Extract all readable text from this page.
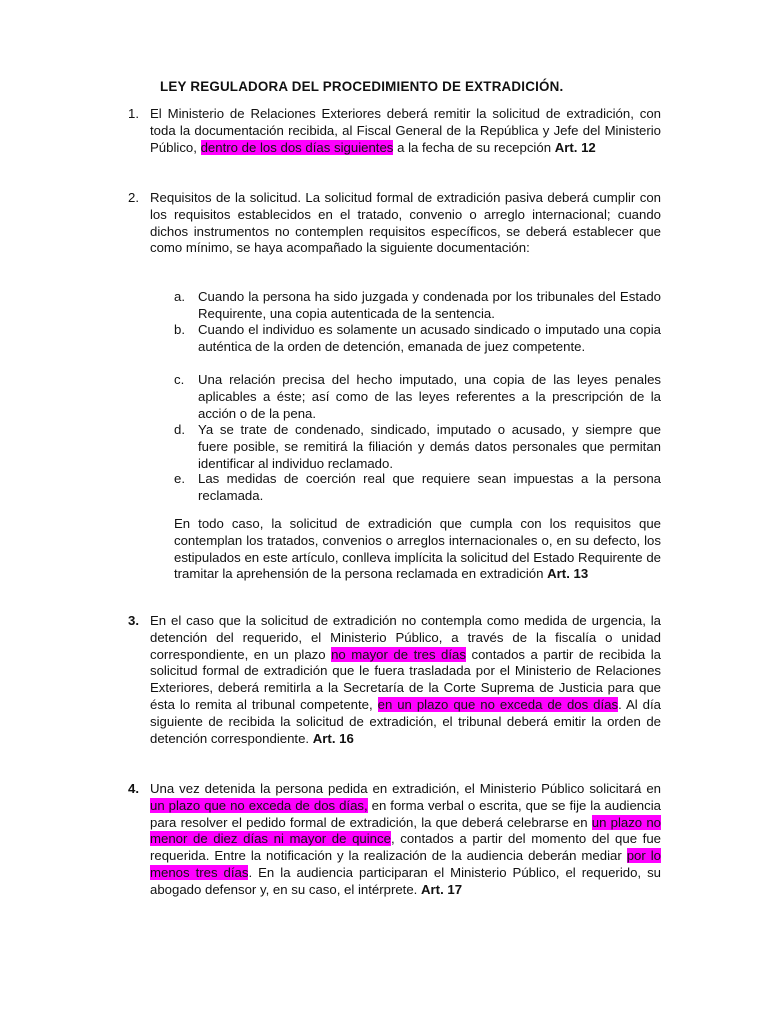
LEY REGULADORA DEL PROCEDIMIENTO DE EXTRADICIÓN.
1. El Ministerio de Relaciones Exteriores deberá remitir la solicitud de extradición, con toda la documentación recibida, al Fiscal General de la República y Jefe del Ministerio Público, dentro de los dos días siguientes a la fecha de su recepción Art. 12
2. Requisitos de la solicitud. La solicitud formal de extradición pasiva deberá cumplir con los requisitos establecidos en el tratado, convenio o arreglo internacional; cuando dichos instrumentos no contemplen requisitos específicos, se deberá establecer que como mínimo, se haya acompañado la siguiente documentación:
a. Cuando la persona ha sido juzgada y condenada por los tribunales del Estado Requirente, una copia autenticada de la sentencia.
b. Cuando el individuo es solamente un acusado sindicado o imputado una copia auténtica de la orden de detención, emanada de juez competente.
c. Una relación precisa del hecho imputado, una copia de las leyes penales aplicables a éste; así como de las leyes referentes a la prescripción de la acción o de la pena.
d. Ya se trate de condenado, sindicado, imputado o acusado, y siempre que fuere posible, se remitirá la filiación y demás datos personales que permitan identificar al individuo reclamado.
e. Las medidas de coerción real que requiere sean impuestas a la persona reclamada.
En todo caso, la solicitud de extradición que cumpla con los requisitos que contemplan los tratados, convenios o arreglos internacionales o, en su defecto, los estipulados en este artículo, conlleva implícita la solicitud del Estado Requirente de tramitar la aprehensión de la persona reclamada en extradición Art. 13
3. En el caso que la solicitud de extradición no contempla como medida de urgencia, la detención del requerido, el Ministerio Público, a través de la fiscalía o unidad correspondiente, en un plazo no mayor de tres días contados a partir de recibida la solicitud formal de extradición que le fuera trasladada por el Ministerio de Relaciones Exteriores, deberá remitirla a la Secretaría de la Corte Suprema de Justicia para que ésta lo remita al tribunal competente, en un plazo que no exceda de dos días. Al día siguiente de recibida la solicitud de extradición, el tribunal deberá emitir la orden de detención correspondiente. Art. 16
4. Una vez detenida la persona pedida en extradición, el Ministerio Público solicitará en un plazo que no exceda de dos días, en forma verbal o escrita, que se fije la audiencia para resolver el pedido formal de extradición, la que deberá celebrarse en un plazo no menor de diez días ni mayor de quince, contados a partir del momento del que fue requerida. Entre la notificación y la realización de la audiencia deberán mediar por lo menos tres días. En la audiencia participaran el Ministerio Público, el requerido, su abogado defensor y, en su caso, el intérprete. Art. 17
